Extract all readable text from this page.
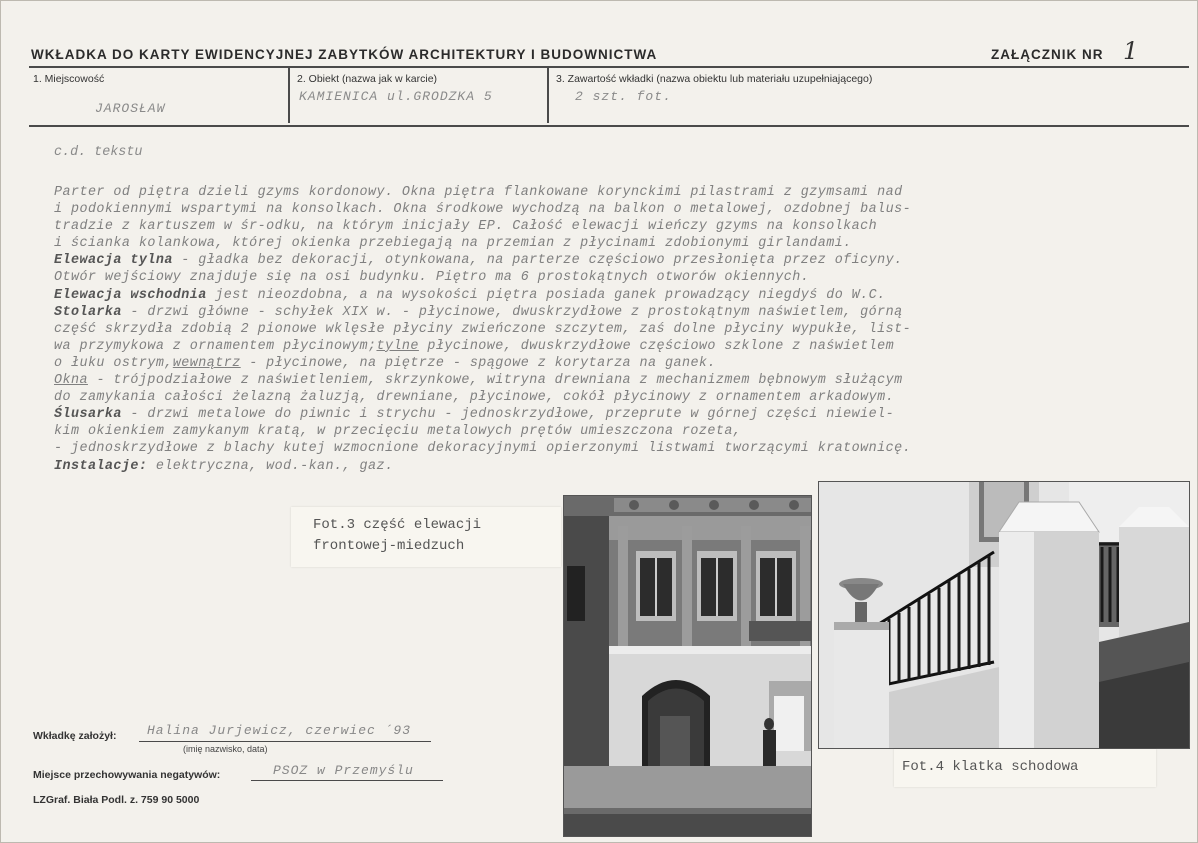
WKŁADKA DO KARTY EWIDENCYJNEJ ZABYTKÓW ARCHITEKTURY I BUDOWNICTWA	ZAŁĄCZNIK NR 1
1. Miejscowość
JAROSŁAW
2. Obiekt (nazwa jak w karcie)
KAMIENICA ul.GRODZKA 5
3. Zawartość wkładki (nazwa obiektu lub materiału uzupełniającego)
2 szt. fot.
c.d. tekstu
Parter od piętra dzieli gzyms kordonowy. Okna piętra flankowane korynckimi pilastrami z gzymsami nad
i podokiennymi wspartymi na konsolkach. Okna środkowe wychodzą na balkon o metalowej, ozdobnej balus-
tradzie z kartuszem w śr-odku, na którym inicjały EP. Całość elewacji wieńczy gzyms na konsolkach
i ścianka kolankowa, której okienka przebiegają na przemian z płycinami zdobionymi girlandami.
Elewacja tylna - gładka bez dekoracji, otynkowana, na parterze częściowo przesłonięta przez oficyny.
Otwór wejściowy znajduje się na osi budynku. Piętro ma 6 prostokątnych otworów okiennych.
Elewacja wschodnia jest nieozdobna, a na wysokości piętra posiada ganek prowadzący niegdyś do W.C.
Stolarka - drzwi główne - schyłek XIX w. - płycinowe, dwuskrzydłowe z prostokątnym naświetlem, górną
część skrzydła zdobią 2 pionowe wklęsłe płyciny zwieńczone szczytem, zaś dolne płyciny wypukłe, list-
wa przymykowa z ornamentem płycinowym;tylne płycinowe, dwuskrzydłowe częściowo szklone z naświetlem
o łuku ostrym,wewnątrz - płycinowe, na piętrze - spągowe z korytarza na ganek.
Okna - trójpodziałowe z naświetleniem, skrzynkowe, witryna drewniana z mechanizmem bębnowym służącym
do zamykania całości żelazną żaluzją, drewniane, płycinowe, cokół płycinowy z ornamentem arkadowym.
Ślusarka - drzwi metalowe do piwnic i strychu - jednoskrzydłowe, przeprute w górnej części niewiel-
kim okienkiem zamykanym kratą, w przecięciu metalowych prętów umieszczona rozeta,
- jednoskrzydłowe z blachy kutej wzmocnione dekoracyjnymi opierzonymi listwami tworzącymi kratownicę.
Instalacje: elektryczna, wod.-kan., gaz.
Fot.3 część elewacji
frontowej-miedzuch
Fot.4 klatka schodowa
Wkładkę założył: Halina Jurjewicz, czerwiec ´93
(imię nazwisko, data)
Miejsce przechowywania negatywów:	PSOZ w Przemyślu
LZGraf. Biała Podl. z. 759 90 5000
